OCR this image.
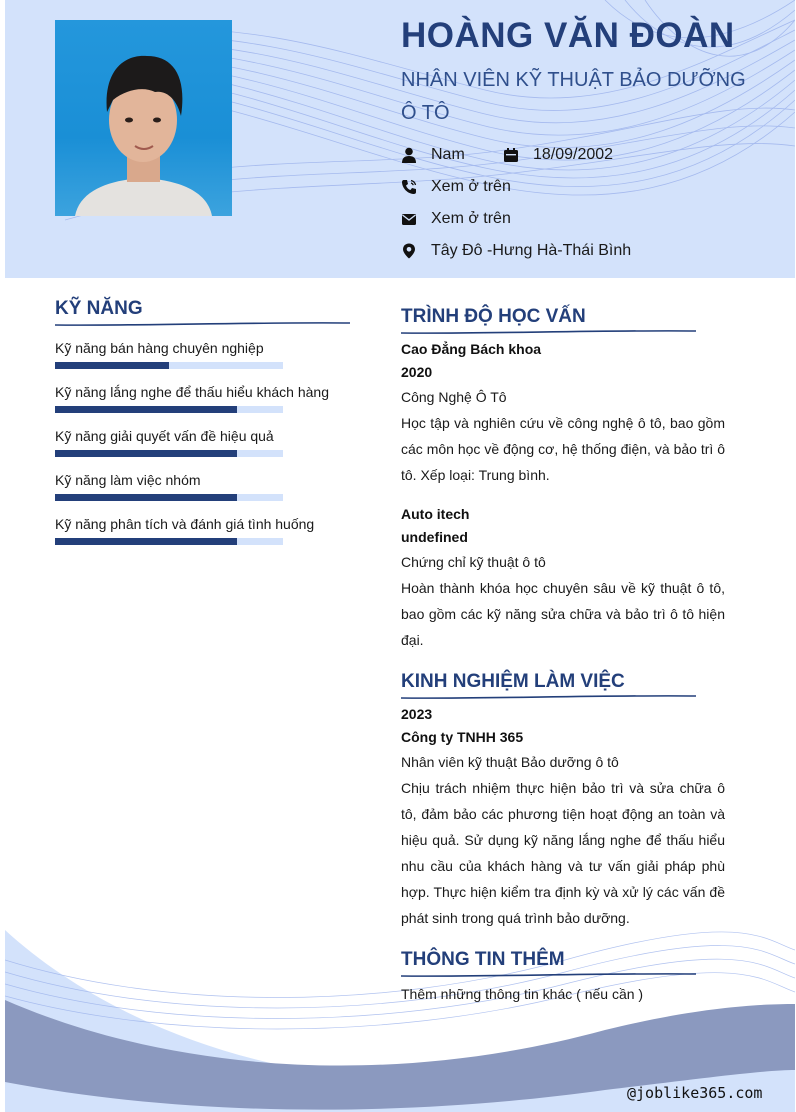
HOÀNG VĂN ĐOÀN
NHÂN VIÊN KỸ THUẬT BẢO DƯỠNG Ô TÔ
Nam	18/09/2002
Xem ở trên
Xem ở trên
Tây Đô -Hưng Hà-Thái Bình
KỸ NĂNG
Kỹ năng bán hàng chuyên nghiệp
Kỹ năng lắng nghe để thấu hiểu khách hàng
Kỹ năng giải quyết vấn đề hiệu quả
Kỹ năng làm việc nhóm
Kỹ năng phân tích và đánh giá tình huống
TRÌNH ĐỘ HỌC VẤN
Cao Đẳng Bách khoa
2020
Công Nghệ Ô Tô
Học tập và nghiên cứu về công nghệ ô tô, bao gồm các môn học về động cơ, hệ thống điện, và bảo trì ô tô. Xếp loại: Trung bình.
Auto itech
undefined
Chứng chỉ kỹ thuật ô tô
Hoàn thành khóa học chuyên sâu về kỹ thuật ô tô, bao gồm các kỹ năng sửa chữa và bảo trì ô tô hiện đại.
KINH NGHIỆM LÀM VIỆC
2023
Công ty TNHH 365
Nhân viên kỹ thuật Bảo dưỡng ô tô
Chịu trách nhiệm thực hiện bảo trì và sửa chữa ô tô, đảm bảo các phương tiện hoạt động an toàn và hiệu quả. Sử dụng kỹ năng lắng nghe để thấu hiểu nhu cầu của khách hàng và tư vấn giải pháp phù hợp. Thực hiện kiểm tra định kỳ và xử lý các vấn đề phát sinh trong quá trình bảo dưỡng.
THÔNG TIN THÊM
Thêm những thông tin khác ( nếu cần )
@joblike365.com
